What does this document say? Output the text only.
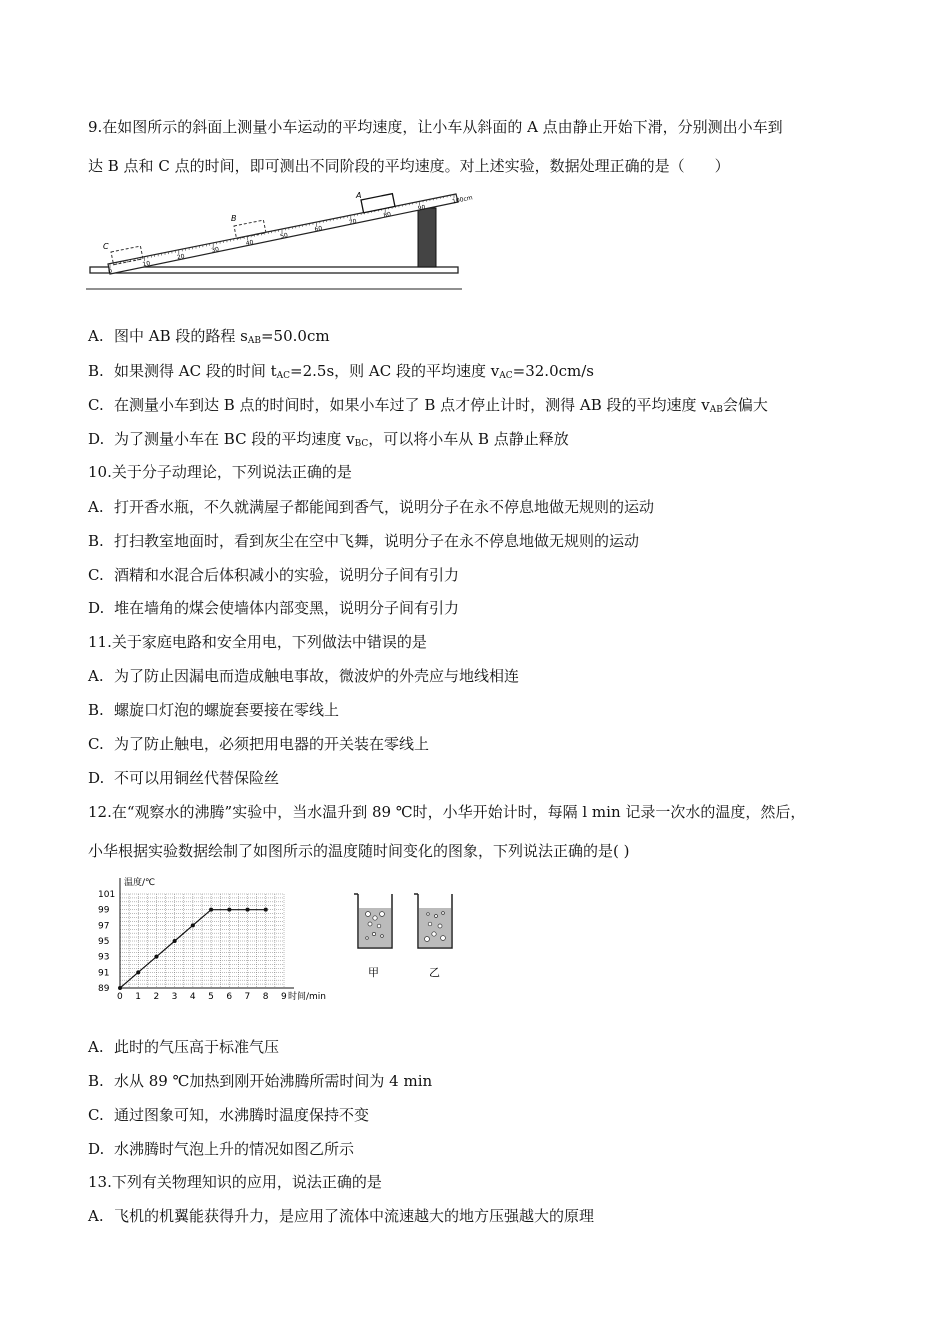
9.在如图所示的斜面上测量小车运动的平均速度，让小车从斜面的 A 点由静止开始下滑，分别测出小车到
达 B 点和 C 点的时间，即可测出不同阶段的平均速度。对上述实验，数据处理正确的是（　　）
0
10
20
30
40
50
60
70
80
90
100cm
A
B
C
A. 图中 AB 段的路程 $s_{AB}=50.0cm$
B. 如果测得 AC 段的时间 $t_{AC}=2.5s$，则 AC 段的平均速度 $v_{AC}=32.0cm/s$
C. 在测量小车到达 B 点的时间时，如果小车过了 B 点才停止计时，测得 AB 段的平均速度 $v_{AB}$会偏大
D. 为了测量小车在 BC 段的平均速度 $v_{BC}$，可以将小车从 B 点静止释放
10.关于分子动理论，下列说法正确的是
A. 打开香水瓶，不久就满屋子都能闻到香气，说明分子在永不停息地做无规则的运动
B. 打扫教室地面时，看到灰尘在空中飞舞，说明分子在永不停息地做无规则的运动
C. 酒精和水混合后体积减小的实验，说明分子间有引力
D. 堆在墙角的煤会使墙体内部变黑，说明分子间有引力
11.关于家庭电路和安全用电，下列做法中错误的是
A. 为了防止因漏电而造成触电事故，微波炉的外壳应与地线相连
B. 螺旋口灯泡的螺旋套要接在零线上
C. 为了防止触电，必须把用电器的开关装在零线上
D. 不可以用铜丝代替保险丝
12.在“观察水的沸腾”实验中，当水温升到 89 ℃时，小华开始计时，每隔 l min 记录一次水的温度，然后，
小华根据实验数据绘制了如图所示的温度随时间变化的图象，下列说法正确的是( )
0 1 2 3 4 5 6 7 8 9
89
91
93
95
97
99
101
温度/℃
时间/min
甲	乙
A. 此时的气压高于标准气压
B. 水从 89 ℃加热到刚开始沸腾所需时间为 4 min
C. 通过图象可知，水沸腾时温度保持不变
D. 水沸腾时气泡上升的情况如图乙所示
13.下列有关物理知识的应用，说法正确的是
A. 飞机的机翼能获得升力，是应用了流体中流速越大的地方压强越大的原理
